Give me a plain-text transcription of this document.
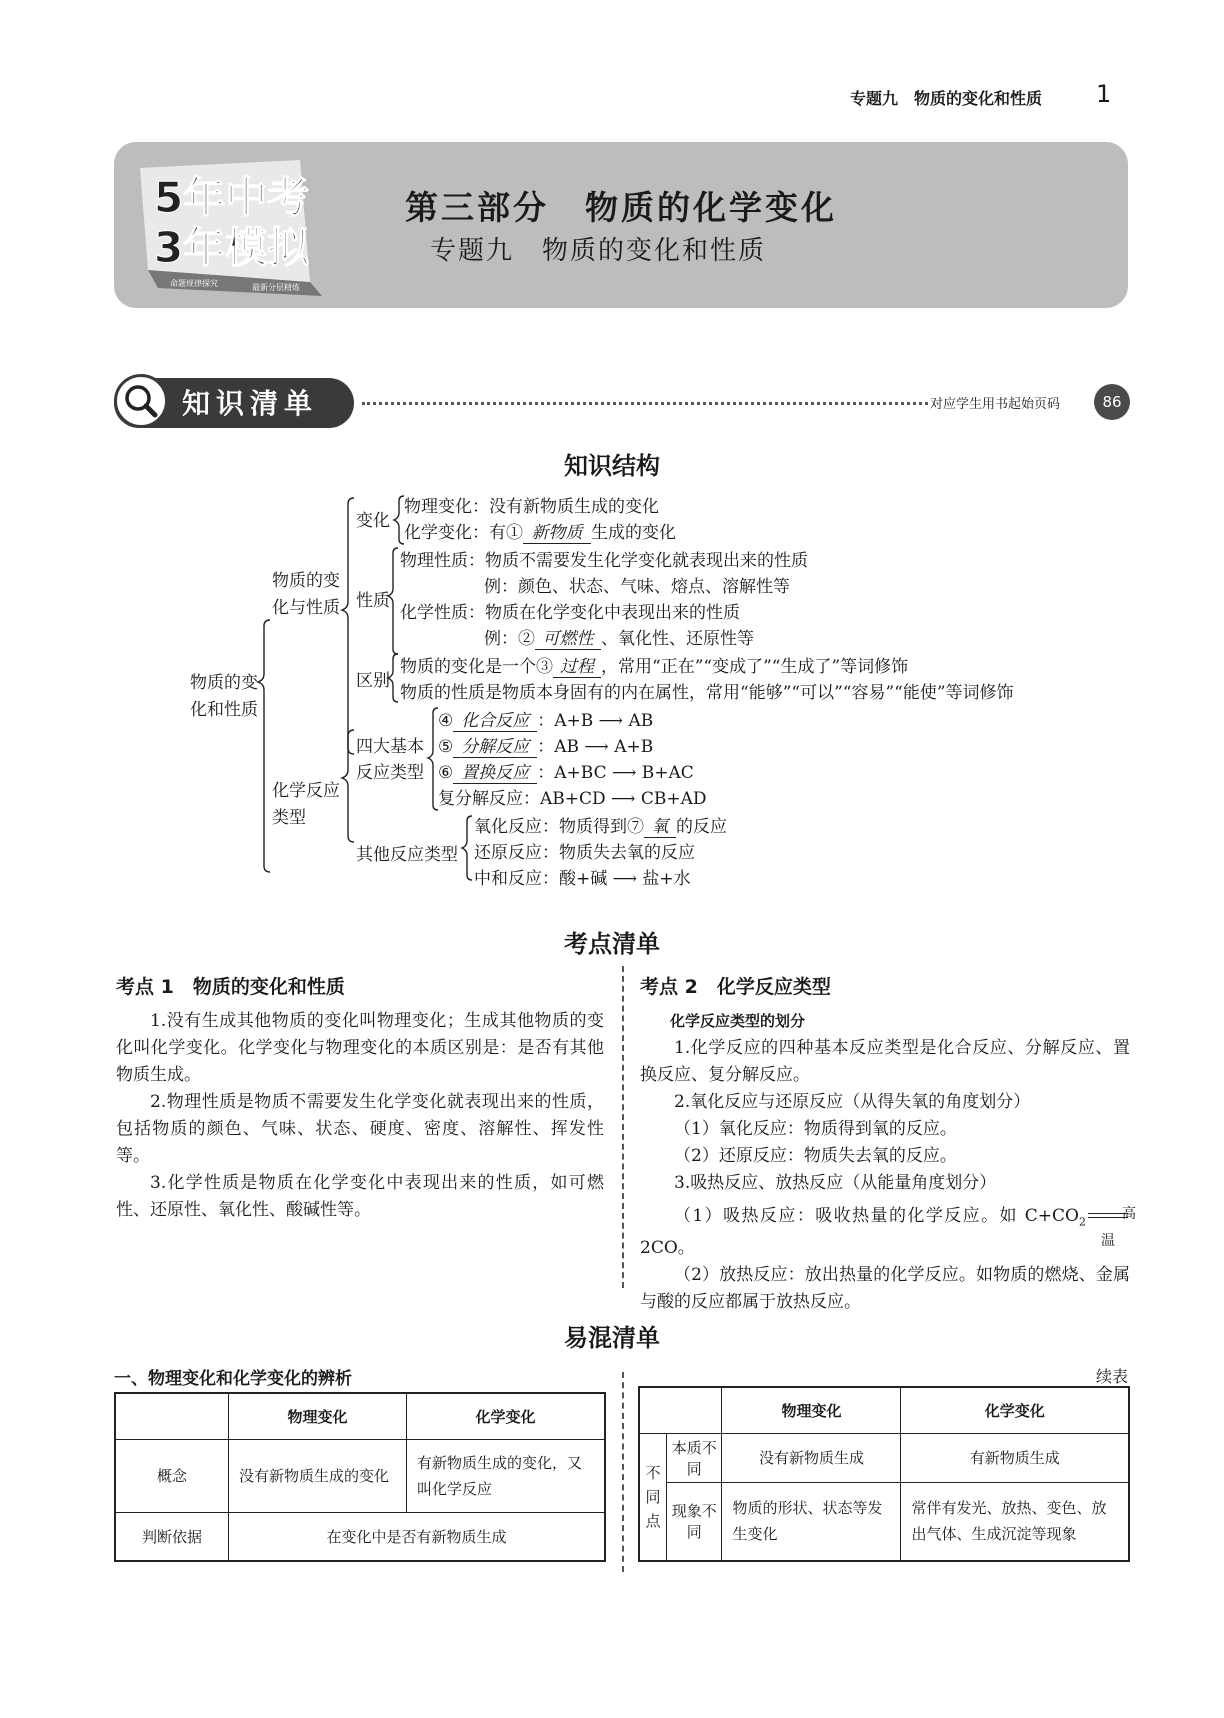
专题九 物质的变化和性质 1
5年中考
3年模拟
命题规律探究	最新分层精炼
第三部分　物质的化学变化
专题九　物质的变化和性质
知识清单	对应学生用书起始页码	86
知识结构
物质的变
化和性质
物质的变
化与性质
变化
物理变化：没有新物质生成的变化
化学变化：有① 新物质 生成的变化
性质
物理性质：物质不需要发生化学变化就表现出来的性质
例：颜色、状态、气味、熔点、溶解性等
化学性质：物质在化学变化中表现出来的性质
例：② 可燃性 、氧化性、还原性等
区别
物质的变化是一个③ 过程 ，常用“正在”“变成了”“生成了”等词修饰
物质的性质是物质本身固有的内在属性，常用“能够”“可以”“容易”“能使”等词修饰
化学反应
类型
四大基本
反应类型
④ 化合反应 ：A+B ⟶ AB
⑤ 分解反应 ：AB ⟶ A+B
⑥ 置换反应 ：A+BC ⟶ B+AC
复分解反应：AB+CD ⟶ CB+AD
其他反应类型
氧化反应：物质得到⑦ 氧 的反应
还原反应：物质失去氧的反应
中和反应：酸+碱 ⟶ 盐+水
考点清单
考点 1　物质的变化和性质

1.没有生成其他物质的变化叫物理变化；生成其他物质的变化叫化学变化。化学变化与物理变化的本质区别是：是否有其他物质生成。

2.物理性质是物质不需要发生化学变化就表现出来的性质，包括物质的颜色、气味、状态、硬度、密度、溶解性、挥发性等。

3.化学性质是物质在化学变化中表现出来的性质，如可燃性、还原性、氧化性、酸碱性等。

考点 2　化学反应类型

化学反应类型的划分

1.化学反应的四种基本反应类型是化合反应、分解反应、置换反应、复分解反应。

2.氧化反应与还原反应（从得失氧的角度划分）

（1）氧化反应：物质得到氧的反应。

（2）还原反应：物质失去氧的反应。

3.吸热反应、放热反应（从能量角度划分）

（1）吸热反应：吸收热量的化学反应。如 $C+CO_2$	高温
2CO。

（2）放热反应：放出热量的化学反应。如物质的燃烧、金属与酸的反应都属于放热反应。

易混清单
一、物理变化和化学变化的辨析	续表
	物理变化	化学变化
概念	没有新物质生成的变化	有新物质生成的变化，又叫化学反应
判断依据	在变化中是否有新物质生成	
		物理变化	化学变化
不
同
点	本质不同	没有新物质生成	有新物质生成
	现象不同	物质的形状、状态等发生变化	常伴有发光、放热、变色、放出气体、生成沉淀等现象
